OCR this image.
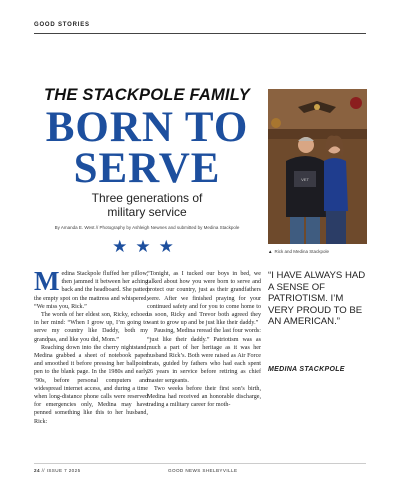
GOOD STORIES
THE STACKPOLE FAMILY
BORN TO
SERVE
Three generations of
military service
By Amanda E. West // Photography by Ashleigh Newnes and submitted by Medina Stackpole
★★★
VET
▲ Rick and Medina Stackpole

Medina Stackpole fluffed her pillow, then jammed it between her aching back and the headboard. She patted the empty spot on the mattress and whispered, “We miss you, Rick.”

The words of her eldest son, Ricky, echoed in her mind: “When I grow up, I’m going to serve my country like Daddy, both my grandpas, and like you did, Mom.”

Reaching down into the cherry nightstand, Medina grabbed a sheet of notebook paper and smoothed it before pressing her ballpoint pen to the blank page. In the 1980s and early ’90s, before personal computers and widespread internet access, and during a time when long-distance phone calls were reserved for emergencies only, Medina may have penned something like this to her husband, Rick:

“Tonight, as I tucked our boys in bed, we talked about how you were born to serve and protect our country, just as their grandfathers were. After we finished praying for your continued safety and for you to come home to us soon, Ricky and Trevor both agreed they want to grow up and be just like their daddy.”

Pausing, Medina reread the last four words: “just like their daddy.” Patriotism was as much a part of her heritage as it was her husband Rick’s. Both were raised as Air Force brats, guided by fathers who had each spent 26 years in service before retiring as chief master sergeants.

Two weeks before their first son’s birth, Medina had received an honorable discharge, trading a military career for moth-

“I HAVE ALWAYS HAD A SENSE OF PATRIOTISM. I’M VERY PROUD TO BE AN AMERICAN.”
MEDINA STACKPOLE
24 // ISSUE 7 2025	GOOD NEWS SHELBYVILLE
